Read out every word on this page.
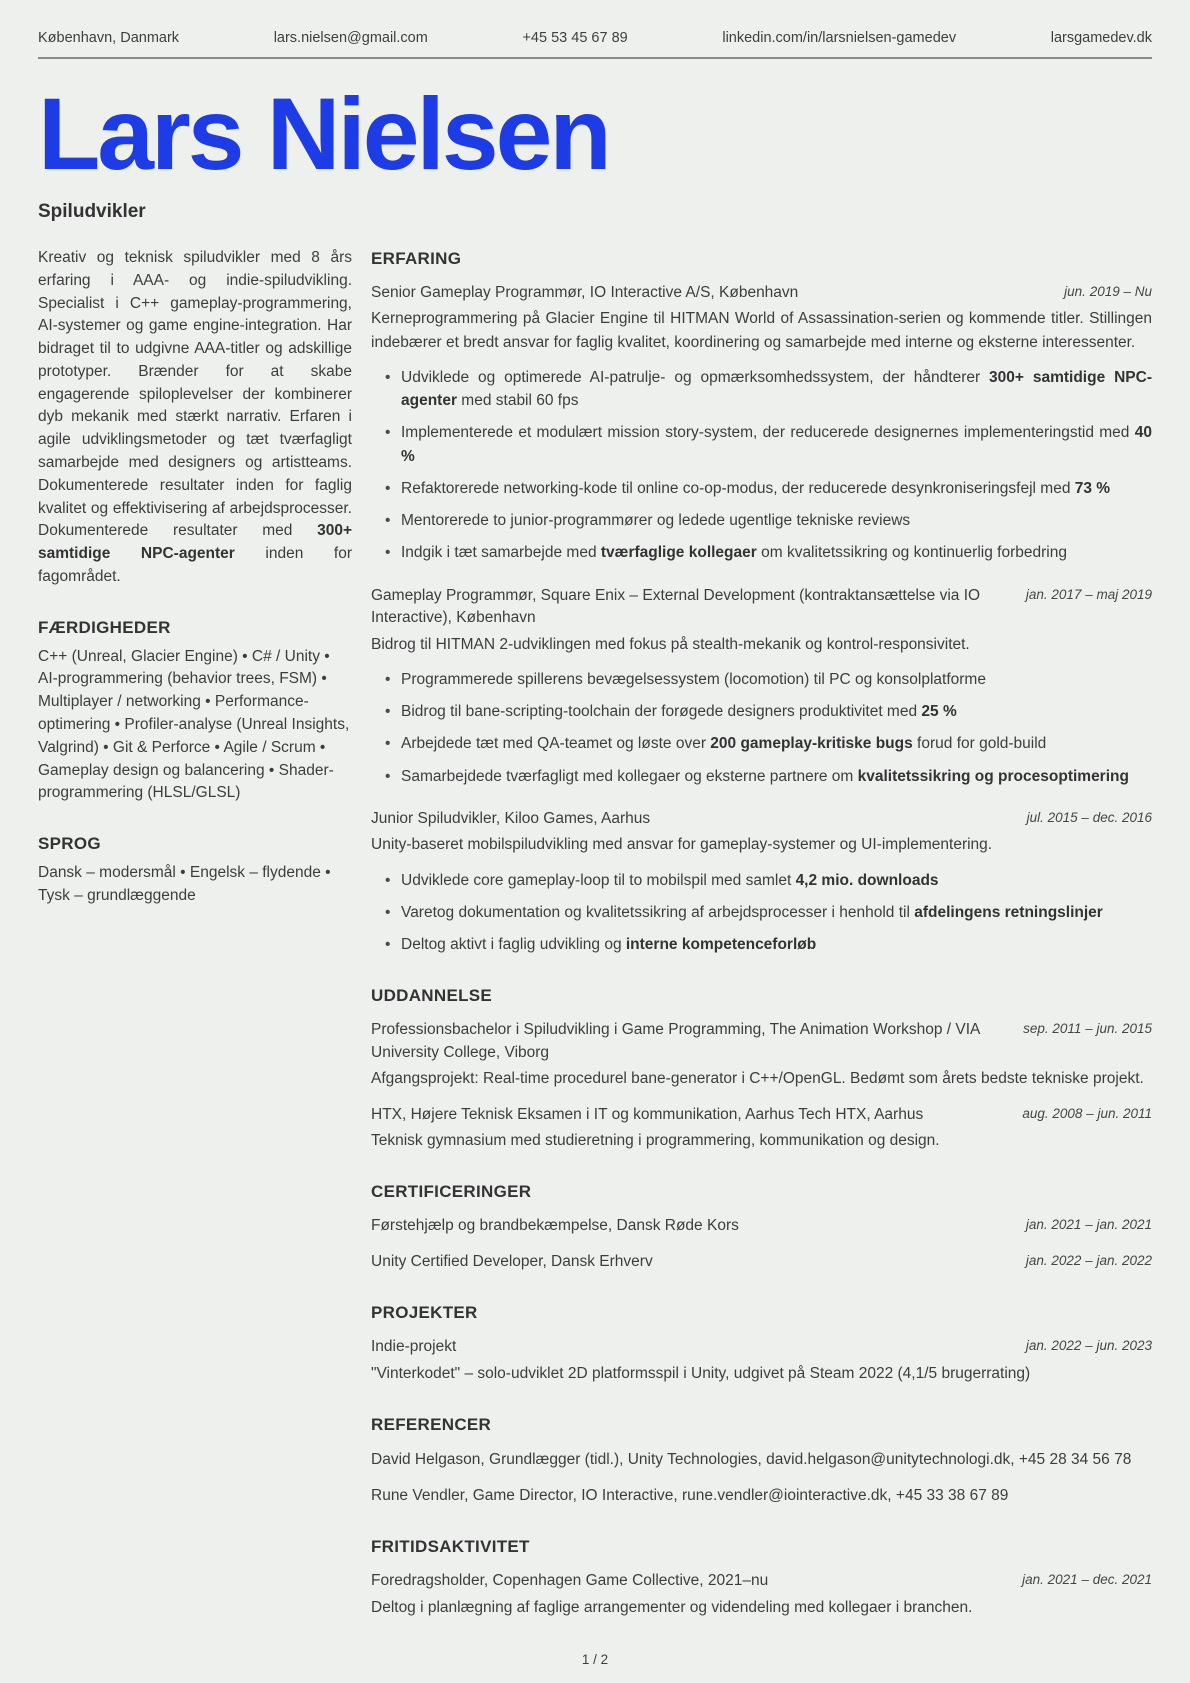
København, Danmark	lars.nielsen@gmail.com	+45 53 45 67 89	linkedin.com/in/larsnielsen-gamedev	larsgamedev.dk
Lars Nielsen
Spiludvikler
Kreativ og teknisk spiludvikler med 8 års erfaring i AAA- og indie-spiludvikling. Specialist i C++ gameplay-programmering, AI-systemer og game engine-integration. Har bidraget til to udgivne AAA-titler og adskillige prototyper. Brænder for at skabe engagerende spiloplevelser der kombinerer dyb mekanik med stærkt narrativ. Erfaren i agile udviklingsmetoder og tæt tværfagligt samarbejde med designers og artistteams. Dokumenterede resultater inden for faglig kvalitet og effektivisering af arbejdsprocesser. Dokumenterede resultater med 300+ samtidige NPC-agenter inden for fagområdet.
FÆRDIGHEDER
C++ (Unreal, Glacier Engine) • C# / Unity • AI-programmering (behavior trees, FSM) • Multiplayer / networking • Performance-optimering • Profiler-analyse (Unreal Insights, Valgrind) • Git & Perforce • Agile / Scrum • Gameplay design og balancering • Shader-programmering (HLSL/GLSL)
SPROG
Dansk – modersmål • Engelsk – flydende • Tysk – grundlæggende
ERFARING
Senior Gameplay Programmør, IO Interactive A/S, København	jun. 2019 – Nu
Kerneprogrammering på Glacier Engine til HITMAN World of Assassination-serien og kommende titler. Stillingen indebærer et bredt ansvar for faglig kvalitet, koordinering og samarbejde med interne og eksterne interessenter.
• Udviklede og optimerede AI-patrulje- og opmærksomhedssystem, der håndterer 300+ samtidige NPC-agenter med stabil 60 fps
• Implementerede et modulært mission story-system, der reducerede designernes implementeringstid med 40 %
• Refaktorerede networking-kode til online co-op-modus, der reducerede desynkroniseringsfejl med 73 %
• Mentorerede to junior-programmører og ledede ugentlige tekniske reviews
• Indgik i tæt samarbejde med tværfaglige kollegaer om kvalitetssikring og kontinuerlig forbedring
Gameplay Programmør, Square Enix – External Development (kontraktansættelse via IO Interactive), København
jan. 2017 – maj 2019
Bidrog til HITMAN 2-udviklingen med fokus på stealth-mekanik og kontrol-responsivitet.
• Programmerede spillerens bevægelsessystem (locomotion) til PC og konsolplatforme
• Bidrog til bane-scripting-toolchain der forøgede designers produktivitet med 25 %
• Arbejdede tæt med QA-teamet og løste over 200 gameplay-kritiske bugs forud for gold-build
• Samarbejdede tværfagligt med kollegaer og eksterne partnere om kvalitetssikring og procesoptimering
Junior Spiludvikler, Kiloo Games, Aarhus	jul. 2015 – dec. 2016
Unity-baseret mobilspiludvikling med ansvar for gameplay-systemer og UI-implementering.
• Udviklede core gameplay-loop til to mobilspil med samlet 4,2 mio. downloads
• Varetog dokumentation og kvalitetssikring af arbejdsprocesser i henhold til afdelingens retningslinjer
• Deltog aktivt i faglig udvikling og interne kompetenceforløb
UDDANNELSE
Professionsbachelor i Spiludvikling i Game Programming, The Animation Workshop / VIA University College, Viborg
sep. 2011 – jun. 2015
Afgangsprojekt: Real-time procedurel bane-generator i C++/OpenGL. Bedømt som årets bedste tekniske projekt.
HTX, Højere Teknisk Eksamen i IT og kommunikation, Aarhus Tech HTX, Aarhus	aug. 2008 – jun. 2011
Teknisk gymnasium med studieretning i programmering, kommunikation og design.
CERTIFICERINGER
Førstehjælp og brandbekæmpelse, Dansk Røde Kors	jan. 2021 – jan. 2021
Unity Certified Developer, Dansk Erhverv	jan. 2022 – jan. 2022
PROJEKTER
Indie-projekt	jan. 2022 – jun. 2023
"Vinterkodet" – solo-udviklet 2D platformsspil i Unity, udgivet på Steam 2022 (4,1/5 brugerrating)
REFERENCER
David Helgason, Grundlægger (tidl.), Unity Technologies, david.helgason@unitytechnologi.dk, +45 28 34 56 78
Rune Vendler, Game Director, IO Interactive, rune.vendler@iointeractive.dk, +45 33 38 67 89
FRITIDSAKTIVITET
Foredragsholder, Copenhagen Game Collective, 2021–nu	jan. 2021 – dec. 2021
Deltog i planlægning af faglige arrangementer og videndeling med kollegaer i branchen.
1 / 2
